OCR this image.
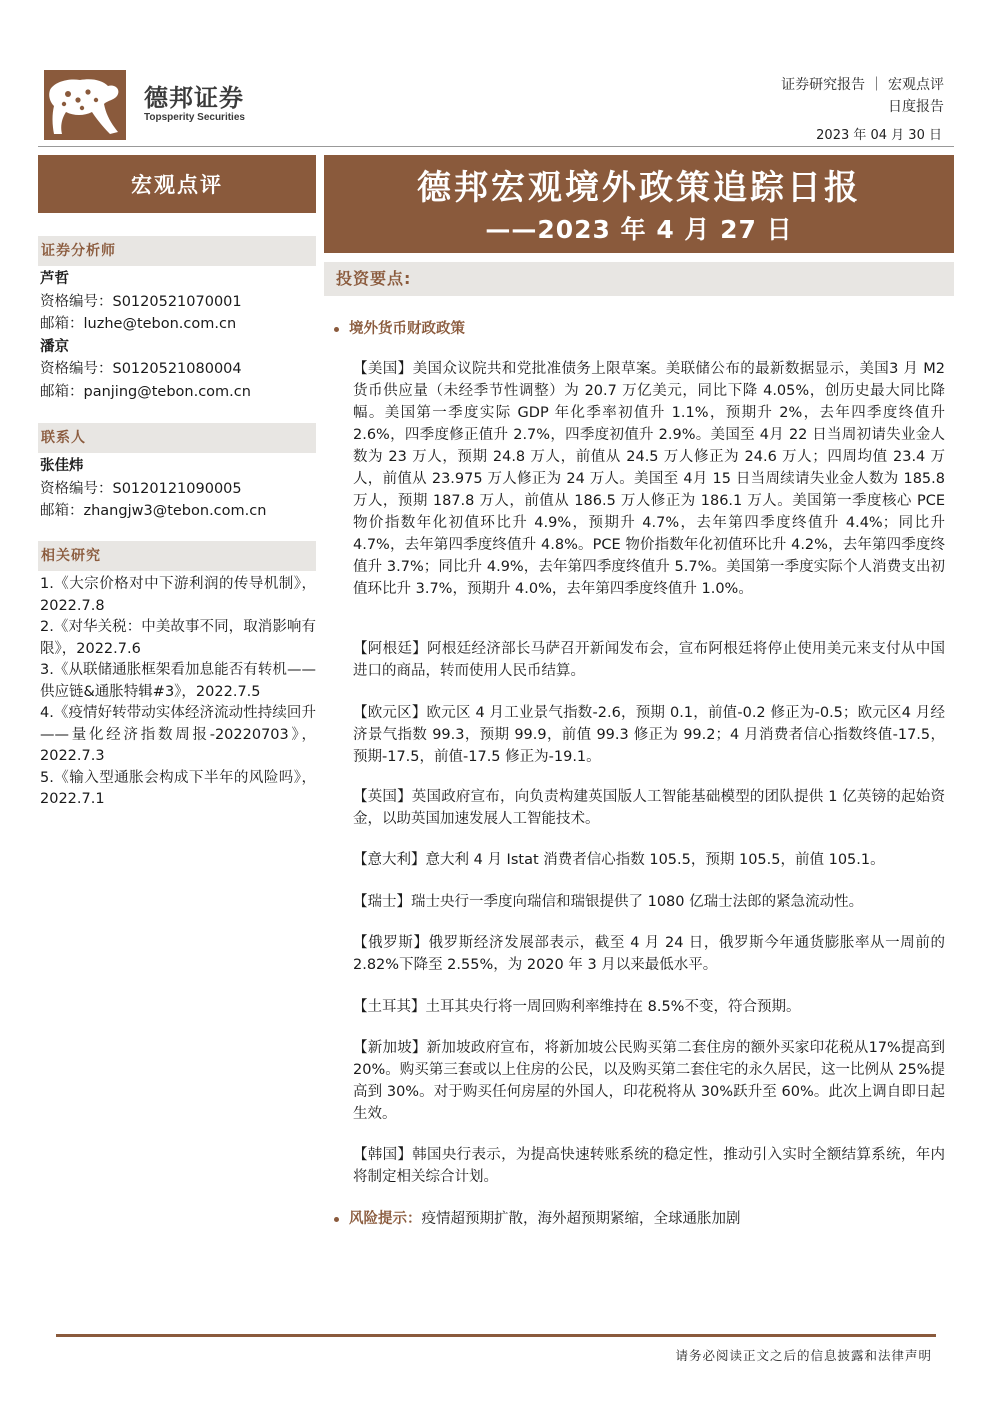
德邦证券
Topsperity Securities
证券研究报告 ｜ 宏观点评
日度报告
2023 年 04 月 30 日
宏观点评
证券分析师
芦哲
资格编号：S0120521070001
邮箱：luzhe@tebon.com.cn
潘京
资格编号：S0120521080004
邮箱：panjing@tebon.com.cn
联系人
张佳炜
资格编号：S0120121090005
邮箱：zhangjw3@tebon.com.cn
相关研究
1.《大宗价格对中下游利润的传导机制》，2022.7.8
2.《对华关税：中美故事不同，取消影响有限》，2022.7.6
3.《从联储通胀框架看加息能否有转机——供应链&通胀特辑#3》，2022.7.5
4.《疫情好转带动实体经济流动性持续回升——量化经济指数周报-20220703》，2022.7.3
5.《输入型通胀会构成下半年的风险吗》，2022.7.1
德邦宏观境外政策追踪日报
——2023 年 4 月 27 日
投资要点:
境外货币财政政策
【美国】美国众议院共和党批准债务上限草案。美联储公布的最新数据显示，美国3 月 M2 货币供应量（未经季节性调整）为 20.7 万亿美元，同比下降 4.05%，创历史最大同比降幅。美国第一季度实际 GDP 年化季率初值升 1.1%，预期升 2%，去年四季度终值升 2.6%，四季度修正值升 2.7%，四季度初值升 2.9%。美国至 4月 22 日当周初请失业金人数为 23 万人，预期 24.8 万人，前值从 24.5 万人修正为 24.6 万人；四周均值 23.4 万人，前值从 23.975 万人修正为 24 万人。美国至 4月 15 日当周续请失业金人数为 185.8 万人，预期 187.8 万人，前值从 186.5 万人修正为 186.1 万人。美国第一季度核心 PCE 物价指数年化初值环比升 4.9%，预期升 4.7%，去年第四季度终值升 4.4%；同比升 4.7%，去年第四季度终值升 4.8%。PCE 物价指数年化初值环比升 4.2%，去年第四季度终值升 3.7%；同比升 4.9%，去年第四季度终值升 5.7%。美国第一季度实际个人消费支出初值环比升 3.7%，预期升 4.0%，去年第四季度终值升 1.0%。
【阿根廷】阿根廷经济部长马萨召开新闻发布会，宣布阿根廷将停止使用美元来支付从中国进口的商品，转而使用人民币结算。
【欧元区】欧元区 4 月工业景气指数-2.6，预期 0.1，前值-0.2 修正为-0.5；欧元区4 月经济景气指数 99.3，预期 99.9，前值 99.3 修正为 99.2；4 月消费者信心指数终值-17.5，预期-17.5，前值-17.5 修正为-19.1。
【英国】英国政府宣布，向负责构建英国版人工智能基础模型的团队提供 1 亿英镑的起始资金，以助英国加速发展人工智能技术。
【意大利】意大利 4 月 Istat 消费者信心指数 105.5，预期 105.5，前值 105.1。
【瑞士】瑞士央行一季度向瑞信和瑞银提供了 1080 亿瑞士法郎的紧急流动性。
【俄罗斯】俄罗斯经济发展部表示，截至 4 月 24 日，俄罗斯今年通货膨胀率从一周前的 2.82%下降至 2.55%，为 2020 年 3 月以来最低水平。
【土耳其】土耳其央行将一周回购利率维持在 8.5%不变，符合预期。
【新加坡】新加坡政府宣布，将新加坡公民购买第二套住房的额外买家印花税从17%提高到 20%。购买第三套或以上住房的公民，以及购买第二套住宅的永久居民，这一比例从 25%提高到 30%。对于购买任何房屋的外国人，印花税将从 30%跃升至 60%。此次上调自即日起生效。
【韩国】韩国央行表示，为提高快速转账系统的稳定性，推动引入实时全额结算系统，年内将制定相关综合计划。
风险提示：疫情超预期扩散，海外超预期紧缩，全球通胀加剧
请务必阅读正文之后的信息披露和法律声明
